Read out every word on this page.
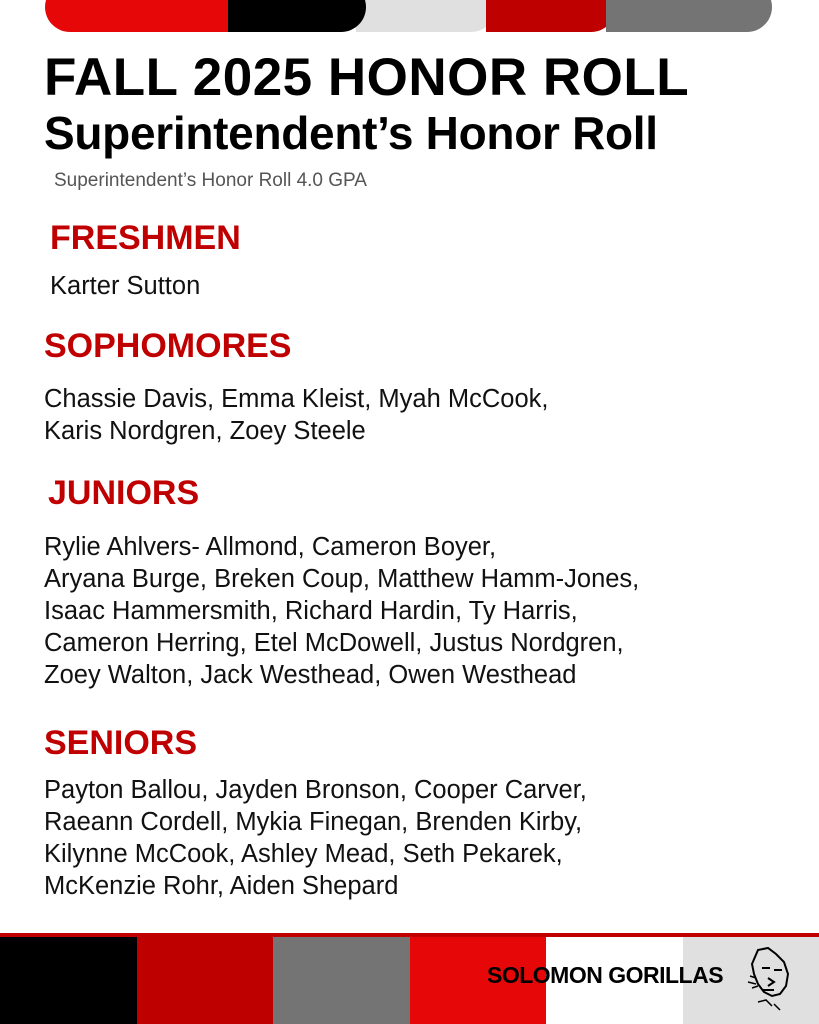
FALL 2025 HONOR ROLL
Superintendent’s Honor Roll
Superintendent’s Honor Roll 4.0 GPA
FRESHMEN
Karter Sutton
SOPHOMORES
Chassie Davis, Emma Kleist, Myah McCook,
Karis Nordgren, Zoey Steele
JUNIORS
Rylie Ahlvers- Allmond, Cameron Boyer,
Aryana Burge, Breken Coup, Matthew Hamm-Jones,
Isaac Hammersmith, Richard Hardin, Ty Harris,
Cameron Herring, Etel McDowell, Justus Nordgren,
Zoey Walton, Jack Westhead, Owen Westhead
SENIORS
Payton Ballou, Jayden Bronson, Cooper Carver,
Raeann Cordell, Mykia Finegan, Brenden Kirby,
Kilynne McCook, Ashley Mead, Seth Pekarek,
McKenzie Rohr, Aiden Shepard
SOLOMON GORILLAS
